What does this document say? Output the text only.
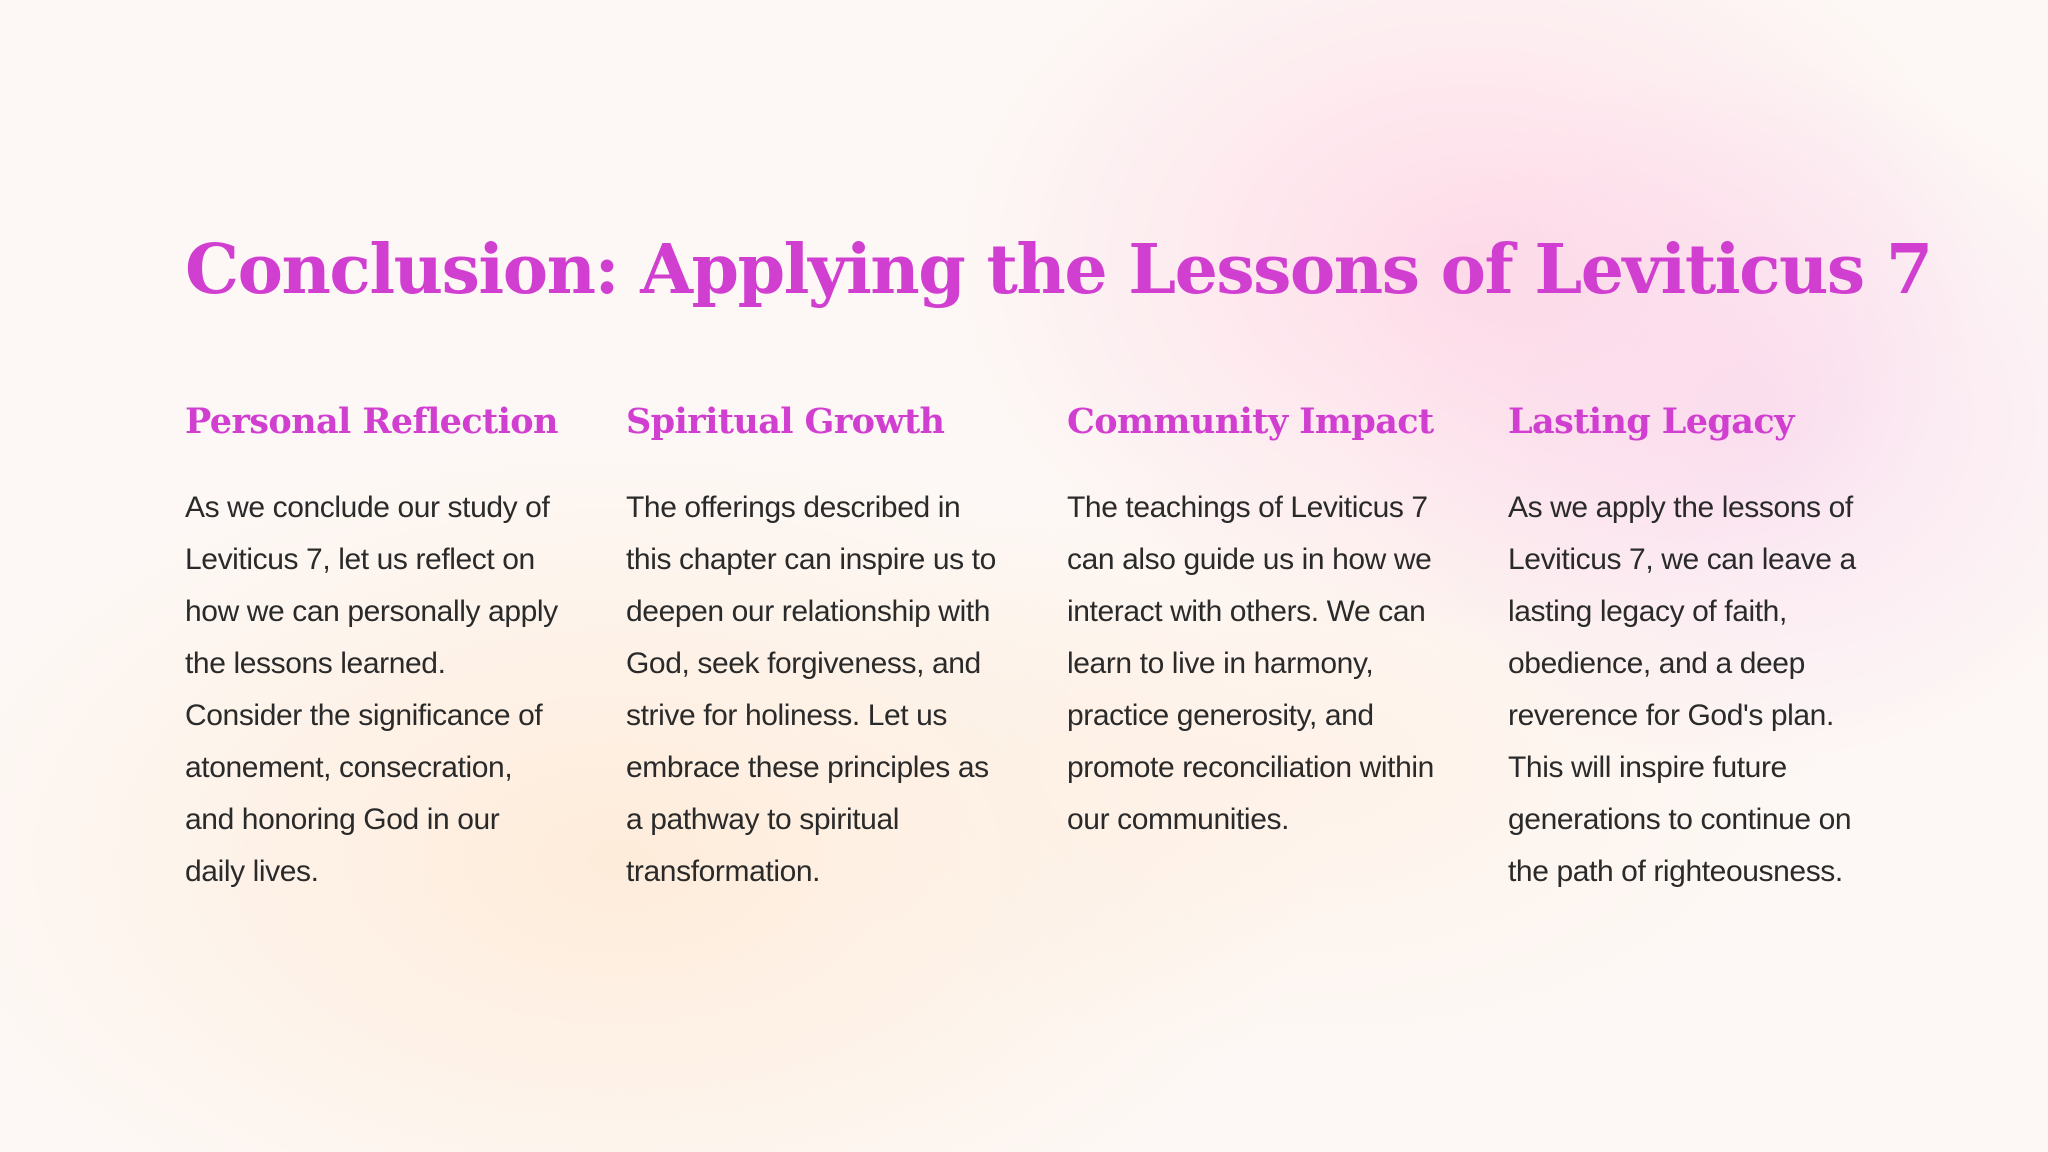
Conclusion: Applying the Lessons of Leviticus 7
Personal Reflection

As we conclude our study of Leviticus 7, let us reflect on how we can personally apply the lessons learned. Consider the significance of atonement, consecration, and honoring God in our daily lives.

Spiritual Growth

The offerings described in this chapter can inspire us to deepen our relationship with God, seek forgiveness, and strive for holiness. Let us embrace these principles as a pathway to spiritual transformation.

Community Impact

The teachings of Leviticus 7 can also guide us in how we interact with others. We can learn to live in harmony, practice generosity, and promote reconciliation within our communities.

Lasting Legacy

As we apply the lessons of Leviticus 7, we can leave a lasting legacy of faith, obedience, and a deep reverence for God's plan. This will inspire future generations to continue on the path of righteousness.
